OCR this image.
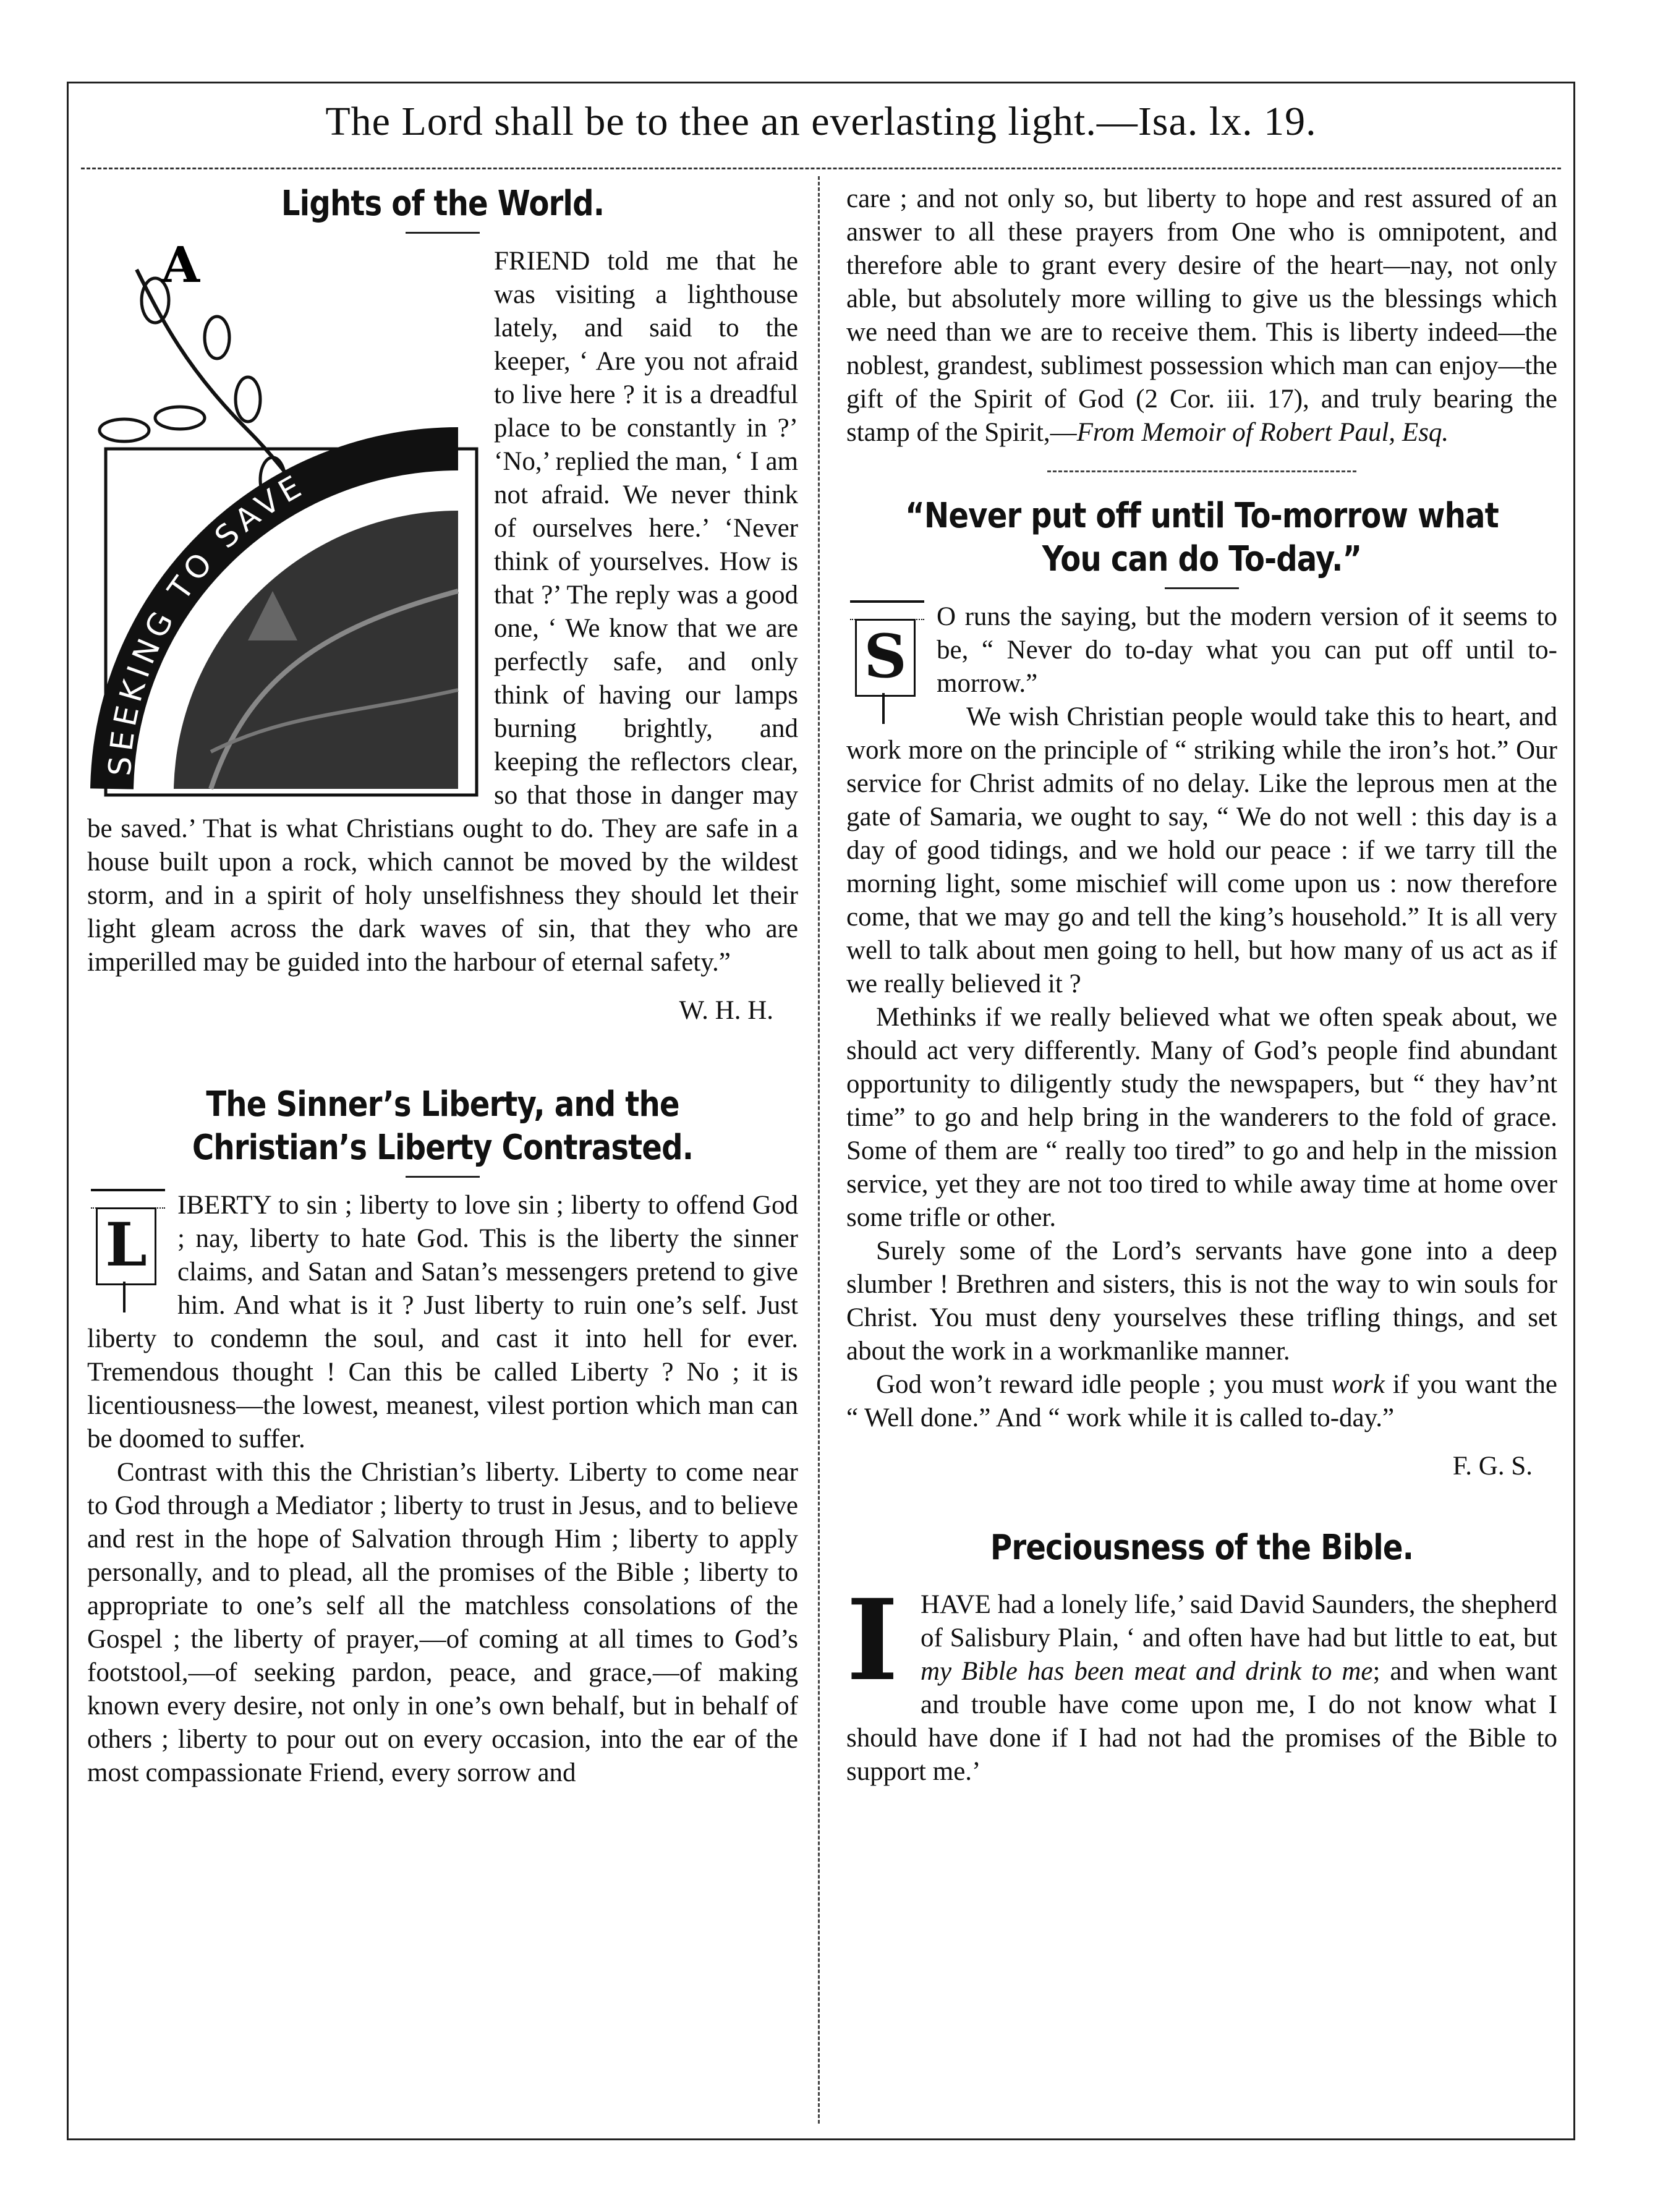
The Lord shall be to thee an everlasting light.—Isa. lx. 19.
Lights of the World.
A
SEEKING TO SAVE

FRIEND told me that he was visiting a lighthouse lately, and said to the keeper, ‘ Are you not afraid to live here ? it is a dreadful place to be constantly in ?’ ‘No,’ replied the man, ‘ I am not afraid. We never think of ourselves here.’ ‘Never think of yourselves. How is that ?’ The reply was a good one, ‘ We know that we are perfectly safe, and only think of having our lamps burning brightly, and keeping the reflectors clear, so that those in danger may be saved.’ That is what Christians ought to do. They are safe in a house built upon a rock, which cannot be moved by the wildest storm, and in a spirit of holy unselfishness they should let their light gleam across the dark waves of sin, that they who are imperilled may be guided into the harbour of eternal safety.”

W. H. H.
The Sinner’s Liberty, and the Christian’s Liberty Contrasted.
L

IBERTY to sin ; liberty to love sin ; liberty to offend God ; nay, liberty to hate God. This is the liberty the sinner claims, and Satan and Satan’s messengers pretend to give him. And what is it ? Just liberty to ruin one’s self. Just liberty to condemn the soul, and cast it into hell for ever. Tremendous thought ! Can this be called Liberty ? No ; it is licentiousness—the lowest, meanest, vilest portion which man can be doomed to suffer.

Contrast with this the Christian’s liberty. Liberty to come near to God through a Mediator ; liberty to trust in Jesus, and to believe and rest in the hope of Salvation through Him ; liberty to apply personally, and to plead, all the promises of the Bible ; liberty to appropriate to one’s self all the matchless consolations of the Gospel ; the liberty of prayer,—of coming at all times to God’s footstool,—of seeking pardon, peace, and grace,—of making known every desire, not only in one’s own behalf, but in behalf of others ; liberty to pour out on every occasion, into the ear of the most compassionate Friend, every sorrow and

care ; and not only so, but liberty to hope and rest assured of an answer to all these prayers from One who is omnipotent, and therefore able to grant every desire of the heart—nay, not only able, but absolutely more willing to give us the blessings which we need than we are to receive them. This is liberty indeed—the noblest, grandest, sublimest possession which man can enjoy—the gift of the Spirit of God (2 Cor. iii. 17), and truly bearing the stamp of the Spirit,—From Memoir of Robert Paul, Esq.

“Never put off until To-morrow what You can do To-day.”
S

O runs the saying, but the modern version of it seems to be, “ Never do to-day what you can put off until to-morrow.”

We wish Christian people would take this to heart, and work more on the principle of “ striking while the iron’s hot.” Our service for Christ admits of no delay. Like the leprous men at the gate of Samaria, we ought to say, “ We do not well : this day is a day of good tidings, and we hold our peace : if we tarry till the morning light, some mischief will come upon us : now therefore come, that we may go and tell the king’s household.” It is all very well to talk about men going to hell, but how many of us act as if we really believed it ?

Methinks if we really believed what we often speak about, we should act very differently. Many of God’s people find abundant opportunity to diligently study the newspapers, but “ they hav’nt time” to go and help bring in the wanderers to the fold of grace. Some of them are “ really too tired” to go and help in the mission service, yet they are not too tired to while away time at home over some trifle or other.

Surely some of the Lord’s servants have gone into a deep slumber ! Brethren and sisters, this is not the way to win souls for Christ. You must deny yourselves these trifling things, and set about the work in a workmanlike manner.

God won’t reward idle people ; you must work if you want the “ Well done.” And “ work while it is called to-day.”

F. G. S.
Preciousness of the Bible.
I HAVE had a lonely life,’ said David Saunders, the shepherd of Salisbury Plain, ‘ and often have had but little to eat, but my Bible has been meat and drink to me; and when want and trouble have come upon me, I do not know what I should have done if I had not had the promises of the Bible to support me.’
